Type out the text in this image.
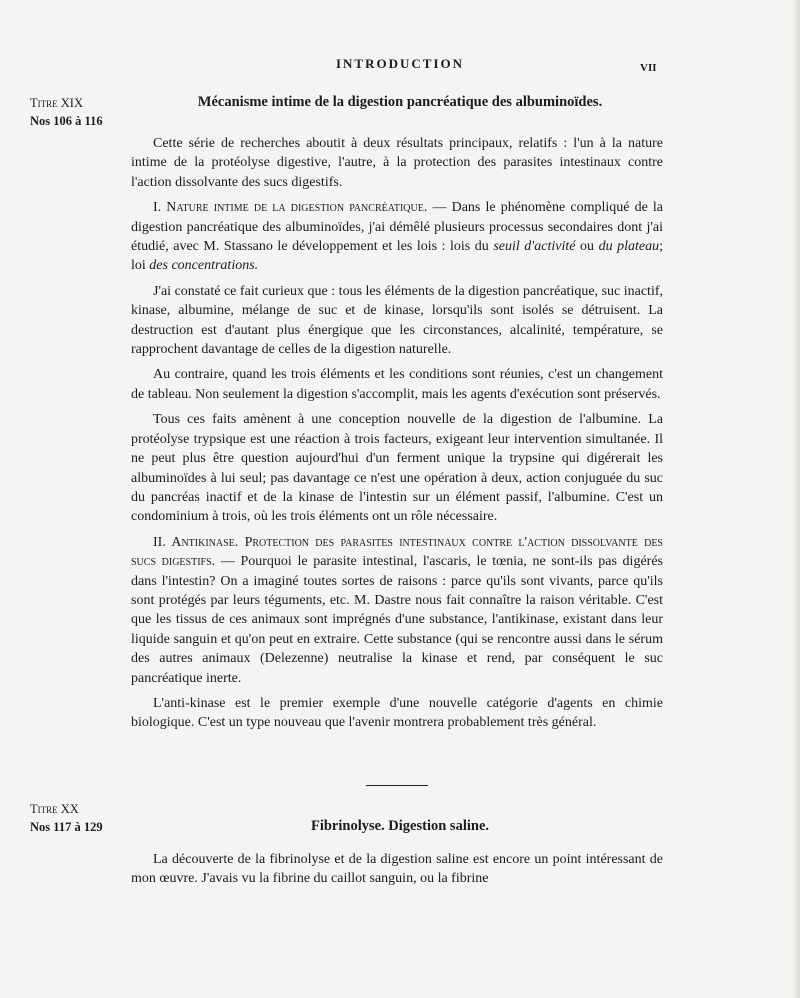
INTRODUCTION	VII
Titre XIX
Nos 106 à 116
Mécanisme intime de la digestion pancréatique des albuminoïdes.

Cette série de recherches aboutit à deux résultats principaux, relatifs : l'un à la nature intime de la protéolyse digestive, l'autre, à la protection des parasites intestinaux contre l'action dissolvante des sucs digestifs.

I. Nature intime de la digestion pancréatique. — Dans le phénomène compliqué de la digestion pancréatique des albuminoïdes, j'ai démêlé plusieurs processus secondaires dont j'ai étudié, avec M. Stassano le développement et les lois : lois du seuil d'activité ou du plateau; loi des concentrations.

J'ai constaté ce fait curieux que : tous les éléments de la digestion pancréatique, suc inactif, kinase, albumine, mélange de suc et de kinase, lorsqu'ils sont isolés se détruisent. La destruction est d'autant plus énergique que les circonstances, alcalinité, température, se rapprochent davantage de celles de la digestion naturelle.

Au contraire, quand les trois éléments et les conditions sont réunies, c'est un changement de tableau. Non seulement la digestion s'accomplit, mais les agents d'exécution sont préservés.

Tous ces faits amènent à une conception nouvelle de la digestion de l'albumine. La protéolyse trypsique est une réaction à trois facteurs, exigeant leur intervention simultanée. Il ne peut plus être question aujourd'hui d'un ferment unique la trypsine qui digérerait les albuminoïdes à lui seul; pas davantage ce n'est une opération à deux, action conjuguée du suc du pancréas inactif et de la kinase de l'intestin sur un élément passif, l'albumine. C'est un condominium à trois, où les trois éléments ont un rôle nécessaire.

II. Antikinase. Protection des parasites intestinaux contre l'action dissolvante des sucs digestifs. — Pourquoi le parasite intestinal, l'ascaris, le tœnia, ne sont-ils pas digérés dans l'intestin? On a imaginé toutes sortes de raisons : parce qu'ils sont vivants, parce qu'ils sont protégés par leurs téguments, etc. M. Dastre nous fait connaître la raison véritable. C'est que les tissus de ces animaux sont imprégnés d'une substance, l'antikinase, existant dans leur liquide sanguin et qu'on peut en extraire. Cette substance (qui se rencontre aussi dans le sérum des autres animaux (Delezenne) neutralise la kinase et rend, par conséquent le suc pancréatique inerte.

L'anti-kinase est le premier exemple d'une nouvelle catégorie d'agents en chimie biologique. C'est un type nouveau que l'avenir montrera probablement très général.

Titre XX
Nos 117 à 129	Fibrinolyse. Digestion saline.

La découverte de la fibrinolyse et de la digestion saline est encore un point intéressant de mon œuvre. J'avais vu la fibrine du caillot sanguin, ou la fibrine
